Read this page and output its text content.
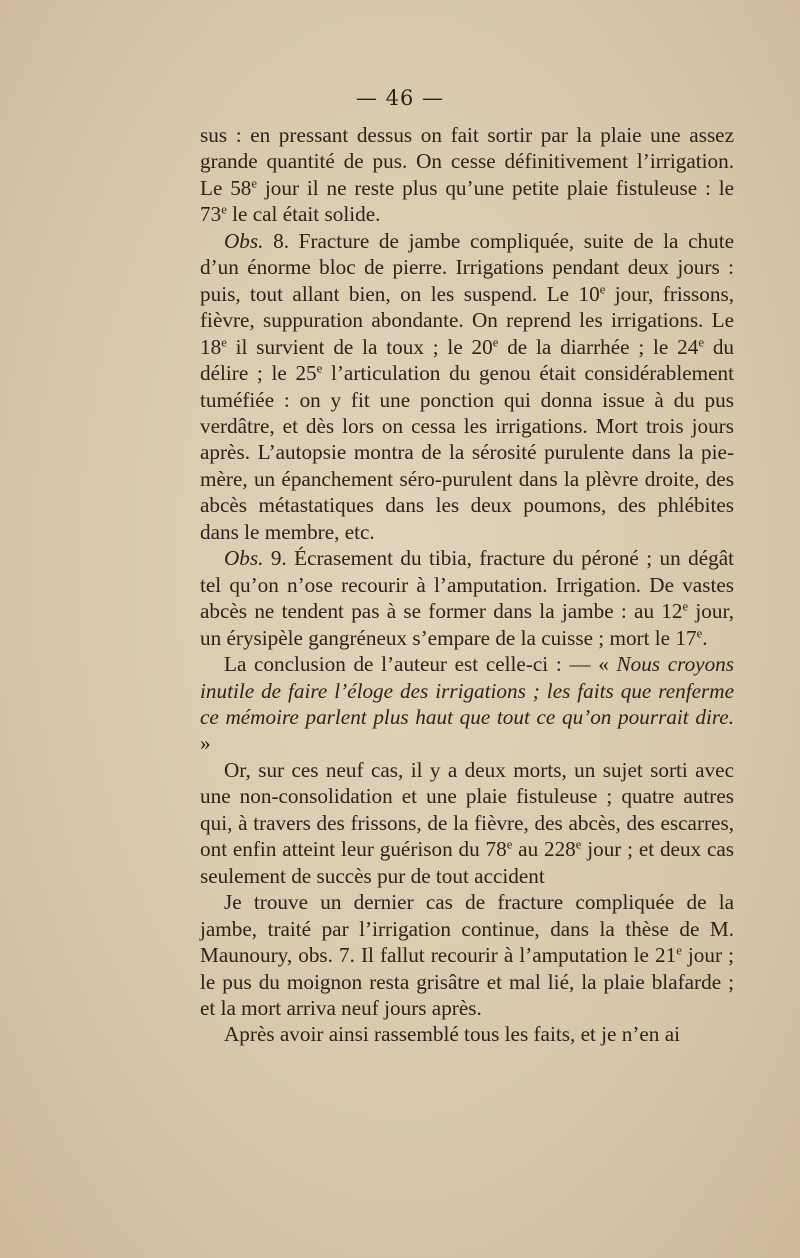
— 46 —

sus : en pressant dessus on fait sortir par la plaie une assez grande quantité de pus. On cesse définitivement l’irrigation. Le 58e jour il ne reste plus qu’une petite plaie fistuleuse : le 73e le cal était solide.

Obs. 8. Fracture de jambe compliquée, suite de la chute d’un énorme bloc de pierre. Irrigations pendant deux jours : puis, tout allant bien, on les suspend. Le 10e jour, frissons, fièvre, suppuration abondante. On reprend les irrigations. Le 18e il survient de la toux ; le 20e de la diarrhée ; le 24e du délire ; le 25e l’articulation du genou était considérablement tuméfiée : on y fit une ponction qui donna issue à du pus verdâtre, et dès lors on cessa les irrigations. Mort trois jours après. L’autopsie montra de la sérosité purulente dans la pie-mère, un épanchement séro-purulent dans la plèvre droite, des abcès métastatiques dans les deux poumons, des phlébites dans le membre, etc.

Obs. 9. Écrasement du tibia, fracture du péroné ; un dégât tel qu’on n’ose recourir à l’amputation. Irrigation. De vastes abcès ne tendent pas à se former dans la jambe : au 12e jour, un érysipèle gangréneux s’empare de la cuisse ; mort le 17e.

La conclusion de l’auteur est celle-ci : — « Nous croyons inutile de faire l’éloge des irrigations ; les faits que renferme ce mémoire parlent plus haut que tout ce qu’on pourrait dire. »

Or, sur ces neuf cas, il y a deux morts, un sujet sorti avec une non-consolidation et une plaie fistuleuse ; quatre autres qui, à travers des frissons, de la fièvre, des abcès, des escarres, ont enfin atteint leur guérison du 78e au 228e jour ; et deux cas seulement de succès pur de tout accident

Je trouve un dernier cas de fracture compliquée de la jambe, traité par l’irrigation continue, dans la thèse de M. Maunoury, obs. 7. Il fallut recourir à l’amputation le 21e jour ; le pus du moignon resta grisâtre et mal lié, la plaie blafarde ; et la mort arriva neuf jours après.

Après avoir ainsi rassemblé tous les faits, et je n’en ai
